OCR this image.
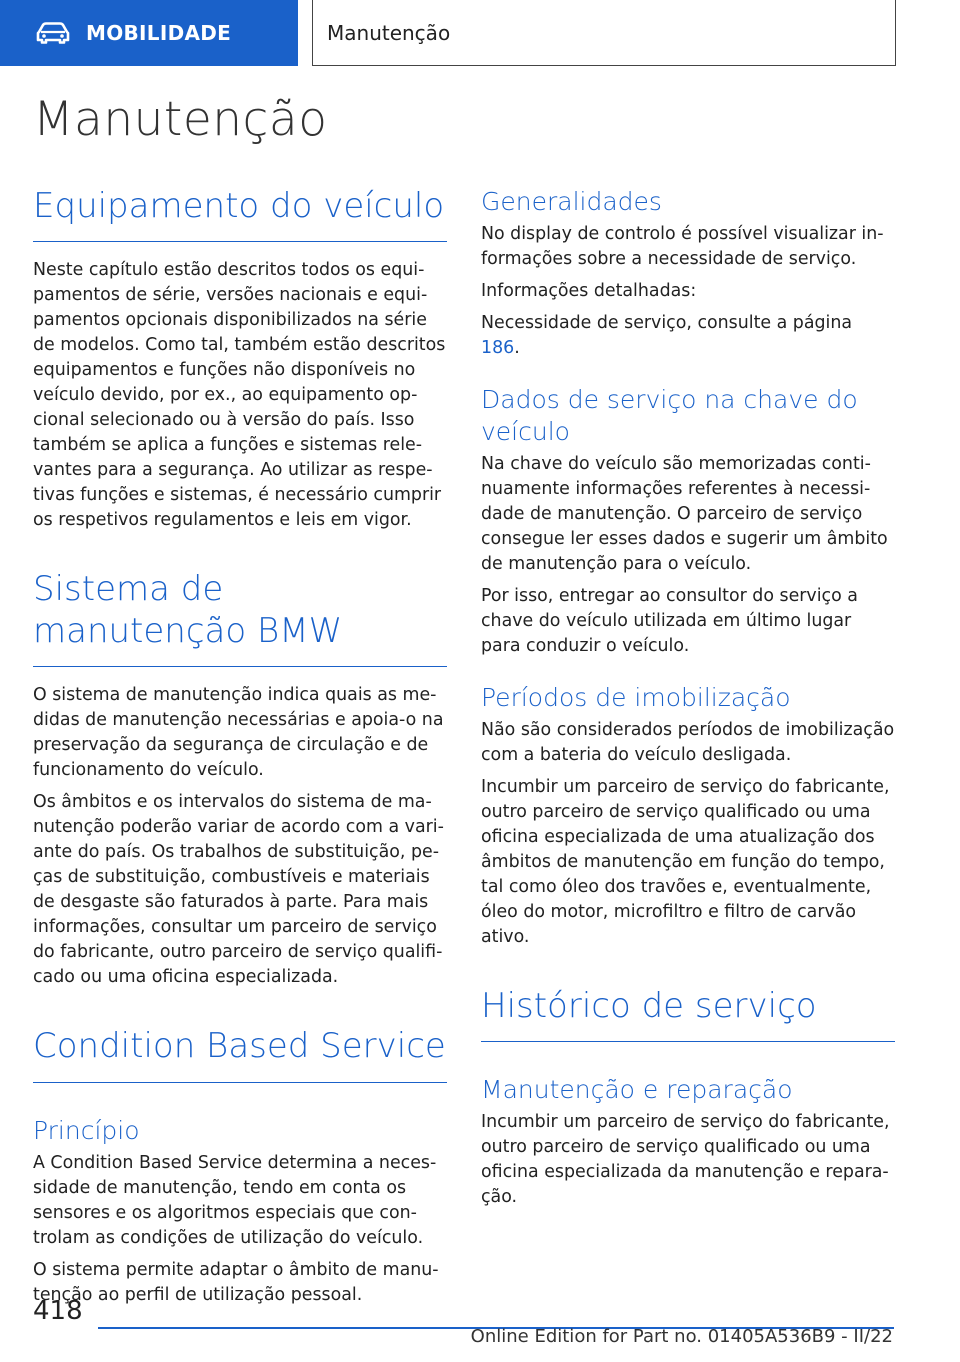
MOBILIDADE	Manutenção
Manutenção
Equipamento do veículo

Neste capítulo estão descritos todos os equipamentos de série, versões nacionais e equipamentos opcionais disponibilizados na série de modelos. Como tal, também estão descritos equipamentos e funções não disponíveis no veículo devido, por ex., ao equipamento opcional selecionado ou à versão do país. Isso também se aplica a funções e sistemas relevantes para a segurança. Ao utilizar as respetivas funções e sistemas, é necessário cumprir os respetivos regulamentos e leis em vigor.

Sistema de manutenção BMW

O sistema de manutenção indica quais as medidas de manutenção necessárias e apoia-o na preservação da segurança de circulação e de funcionamento do veículo.

Os âmbitos e os intervalos do sistema de manutenção poderão variar de acordo com a variante do país. Os trabalhos de substituição, peças de substituição, combustíveis e materiais de desgaste são faturados à parte. Para mais informações, consultar um parceiro de serviço do fabricante, outro parceiro de serviço qualificado ou uma oficina especializada.

Condition Based Service
Princípio

A Condition Based Service determina a necessidade de manutenção, tendo em conta os sensores e os algoritmos especiais que controlam as condições de utilização do veículo.

O sistema permite adaptar o âmbito de manutenção ao perfil de utilização pessoal.

Generalidades

No display de controlo é possível visualizar informações sobre a necessidade de serviço.

Informações detalhadas:

Necessidade de serviço, consulte a página 186.

Dados de serviço na chave do veículo

Na chave do veículo são memorizadas continuamente informações referentes à necessidade de manutenção. O parceiro de serviço consegue ler esses dados e sugerir um âmbito de manutenção para o veículo.

Por isso, entregar ao consultor do serviço a chave do veículo utilizada em último lugar para conduzir o veículo.

Períodos de imobilização

Não são considerados períodos de imobilização com a bateria do veículo desligada.

Incumbir um parceiro de serviço do fabricante, outro parceiro de serviço qualificado ou uma oficina especializada de uma atualização dos âmbitos de manutenção em função do tempo, tal como óleo dos travões e, eventualmente, óleo do motor, microfiltro e filtro de carvão ativo.

Histórico de serviço
Manutenção e reparação

Incumbir um parceiro de serviço do fabricante, outro parceiro de serviço qualificado ou uma oficina especializada da manutenção e reparação.

418
Online Edition for Part no. 01405A536B9 - II/22
